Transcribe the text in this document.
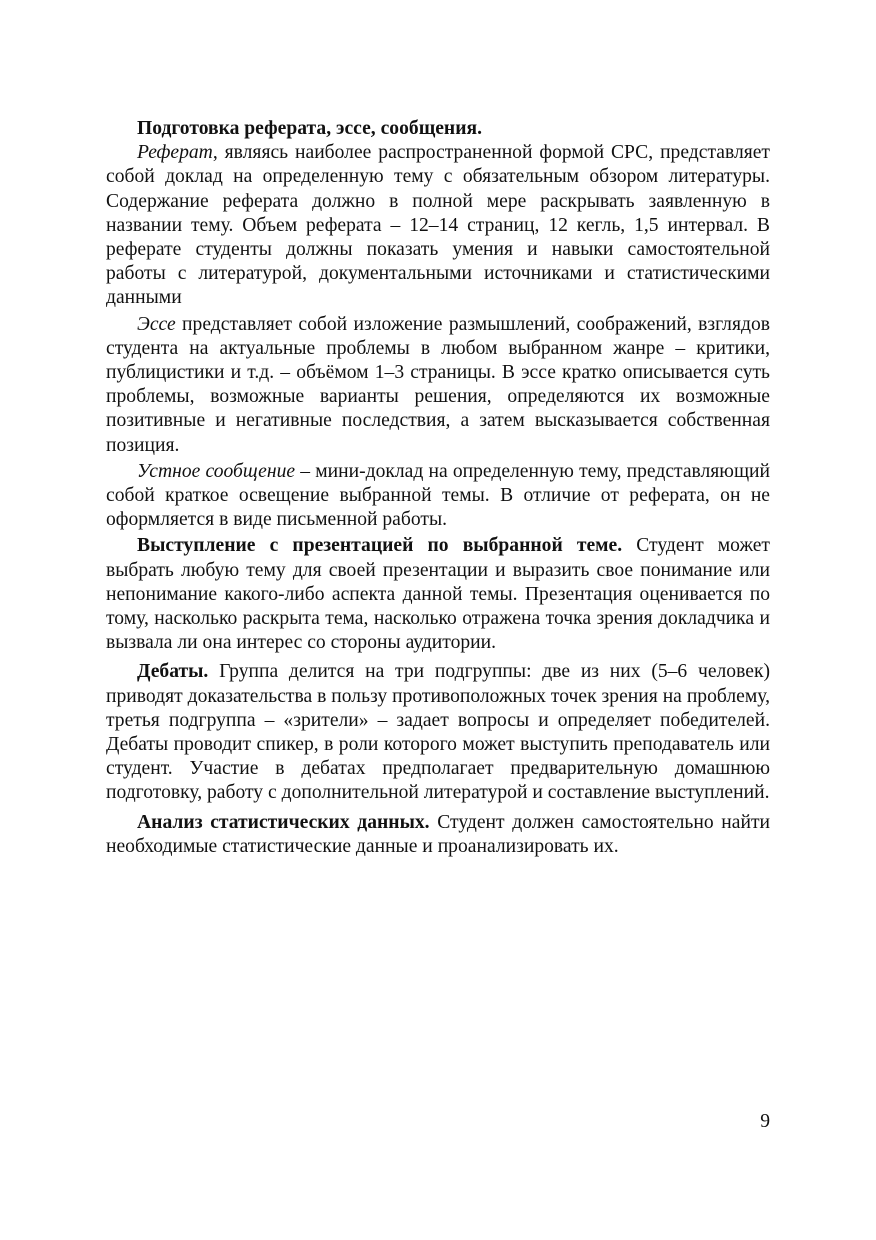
Подготовка реферата, эссе, сообщения.

Реферат, являясь наиболее распространенной формой СРС, представляет собой доклад на определенную тему с обязательным обзором литературы. Содержание реферата должно в полной мере раскрывать заявленную в названии тему. Объем реферата – 12–14 страниц, 12 кегль, 1,5 интервал. В реферате студенты должны показать умения и навыки самостоятельной работы с литературой, документальными источниками и статистическими данными

Эссе представляет собой изложение размышлений, соображений, взглядов студента на актуальные проблемы в любом выбранном жанре – критики, публицистики и т.д. – объёмом 1–3 страницы. В эссе кратко описывается суть проблемы, возможные варианты решения, определяются их возможные позитивные и негативные последствия, а затем высказывается собственная позиция.

Устное сообщение – мини-доклад на определенную тему, представляющий собой краткое освещение выбранной темы. В отличие от реферата, он не оформляется в виде письменной работы.

Выступление с презентацией по выбранной теме. Студент может выбрать любую тему для своей презентации и выразить свое понимание или непонимание какого-либо аспекта данной темы. Презентация оценивается по тому, насколько раскрыта тема, насколько отражена точка зрения докладчика и вызвала ли она интерес со стороны аудитории.

Дебаты. Группа делится на три подгруппы: две из них (5–6 человек) приводят доказательства в пользу противоположных точек зрения на проблему, третья подгруппа – «зрители» – задает вопросы и определяет победителей. Дебаты проводит спикер, в роли которого может выступить преподаватель или студент. Участие в дебатах предполагает предварительную домашнюю подготовку, работу с дополнительной литературой и составление выступлений.

Анализ статистических данных. Студент должен самостоятельно найти необходимые статистические данные и проанализировать их.

9
